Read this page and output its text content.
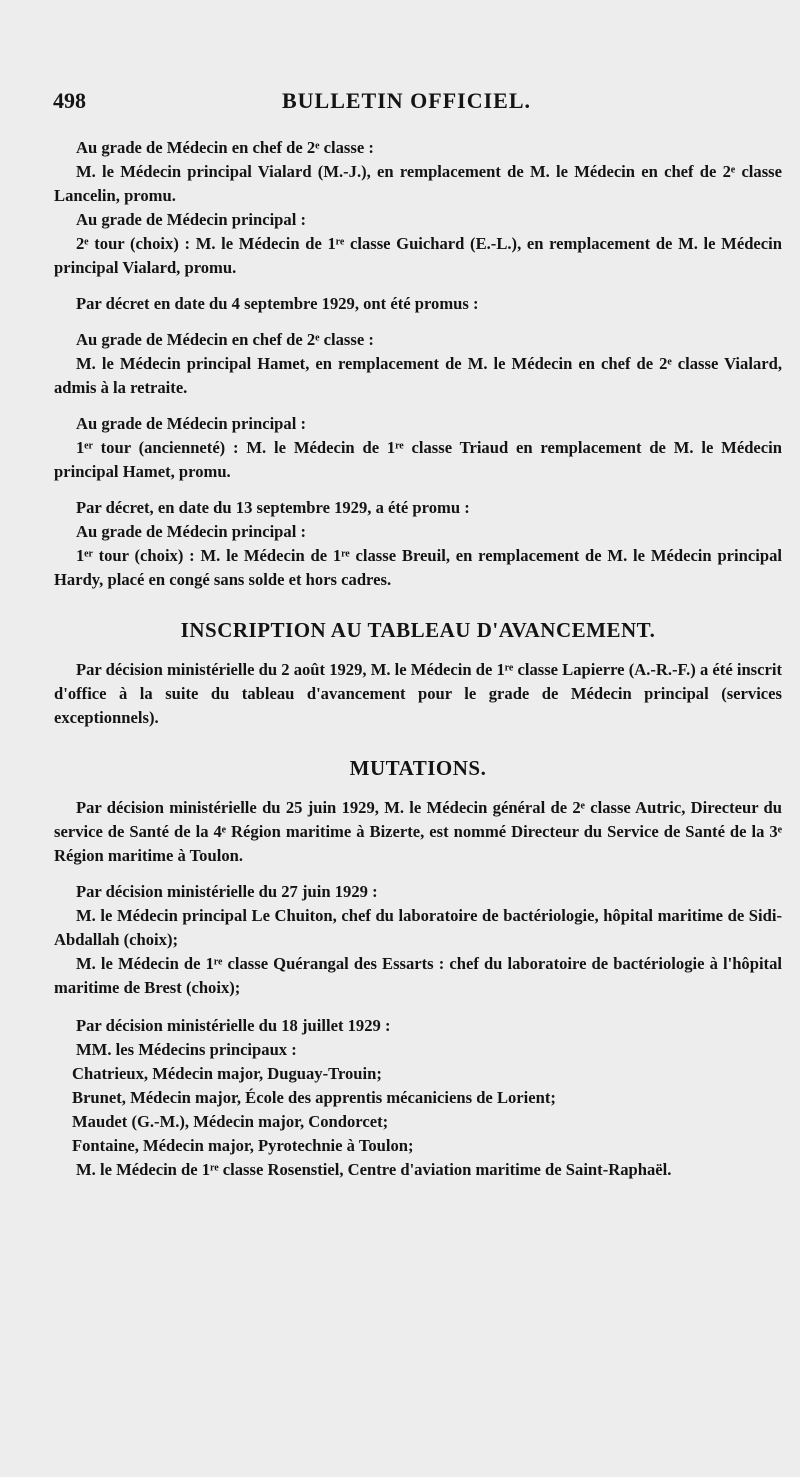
498	BULLETIN OFFICIEL.

Au grade de Médecin en chef de 2ᵉ classe :

M. le Médecin principal Vialard (M.-J.), en remplacement de M. le Médecin en chef de 2ᵉ classe Lancelin, promu.

Au grade de Médecin principal :

2ᵉ tour (choix) : M. le Médecin de 1ʳᵉ classe Guichard (E.-L.), en remplacement de M. le Médecin principal Vialard, promu.

Par décret en date du 4 septembre 1929, ont été promus :

Au grade de Médecin en chef de 2ᵉ classe :

M. le Médecin principal Hamet, en remplacement de M. le Médecin en chef de 2ᵉ classe Vialard, admis à la retraite.

Au grade de Médecin principal :

1ᵉʳ tour (ancienneté) : M. le Médecin de 1ʳᵉ classe Triaud en remplacement de M. le Médecin principal Hamet, promu.

Par décret, en date du 13 septembre 1929, a été promu :

Au grade de Médecin principal :

1ᵉʳ tour (choix) : M. le Médecin de 1ʳᵉ classe Breuil, en remplacement de M. le Médecin principal Hardy, placé en congé sans solde et hors cadres.

INSCRIPTION AU TABLEAU D'AVANCEMENT.

Par décision ministérielle du 2 août 1929, M. le Médecin de 1ʳᵉ classe Lapierre (A.-R.-F.) a été inscrit d'office à la suite du tableau d'avancement pour le grade de Médecin principal (services exceptionnels).

MUTATIONS.

Par décision ministérielle du 25 juin 1929, M. le Médecin général de 2ᵉ classe Autric, Directeur du service de Santé de la 4ᵉ Région maritime à Bizerte, est nommé Directeur du Service de Santé de la 3ᵉ Région maritime à Toulon.

Par décision ministérielle du 27 juin 1929 :

M. le Médecin principal Le Chuiton, chef du laboratoire de bactériologie, hôpital maritime de Sidi-Abdallah (choix);

M. le Médecin de 1ʳᵉ classe Quérangal des Essarts : chef du laboratoire de bactériologie à l'hôpital maritime de Brest (choix);

Par décision ministérielle du 18 juillet 1929 :

MM. les Médecins principaux :

Chatrieux, Médecin major, Duguay-Trouin;

Brunet, Médecin major, École des apprentis mécaniciens de Lorient;

Maudet (G.-M.), Médecin major, Condorcet;

Fontaine, Médecin major, Pyrotechnie à Toulon;

M. le Médecin de 1ʳᵉ classe Rosenstiel, Centre d'aviation maritime de Saint-Raphaël.
